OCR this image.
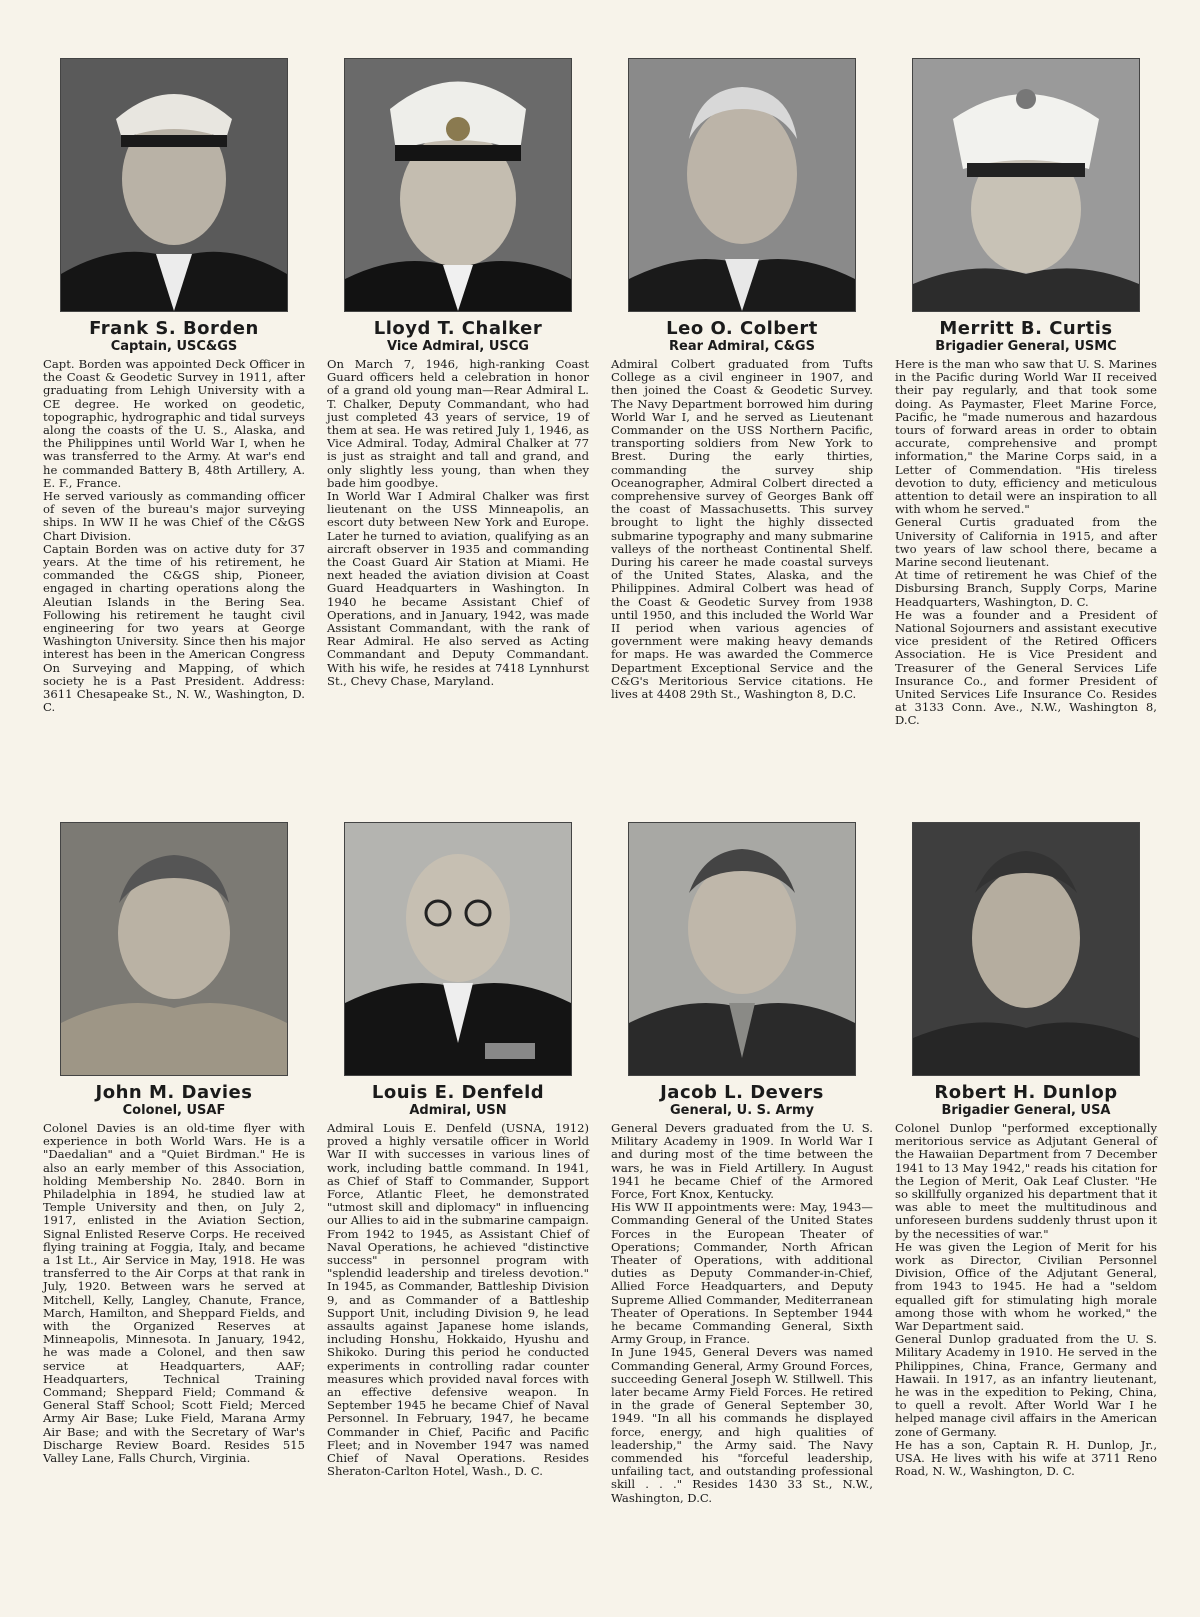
Frank S. Borden
Captain, USC&GS
Capt. Borden was appointed Deck Officer in the Coast & Geodetic Survey in 1911, after graduating from Lehigh University with a CE degree. He worked on geodetic, topographic, hydrographic and tidal surveys along the coasts of the U. S., Alaska, and the Philippines until World War I, when he was transferred to the Army. At war's end he commanded Battery B, 48th Artillery, A. E. F., France.
He served variously as commanding officer of seven of the bureau's major surveying ships. In WW II he was Chief of the C&GS Chart Division.
Captain Borden was on active duty for 37 years. At the time of his retirement, he commanded the C&GS ship, Pioneer, engaged in charting operations along the Aleutian Islands in the Bering Sea. Following his retirement he taught civil engineering for two years at George Washington University. Since then his major interest has been in the American Congress On Surveying and Mapping, of which society he is a Past President. Address: 3611 Chesapeake St., N. W., Washington, D. C.
Lloyd T. Chalker
Vice Admiral, USCG
On March 7, 1946, high-ranking Coast Guard officers held a celebration in honor of a grand old young man—Rear Admiral L. T. Chalker, Deputy Commandant, who had just completed 43 years of service, 19 of them at sea. He was retired July 1, 1946, as Vice Admiral. Today, Admiral Chalker at 77 is just as straight and tall and grand, and only slightly less young, than when they bade him goodbye.
In World War I Admiral Chalker was first lieutenant on the USS Minneapolis, an escort duty between New York and Europe. Later he turned to aviation, qualifying as an aircraft observer in 1935 and commanding the Coast Guard Air Station at Miami. He next headed the aviation division at Coast Guard Headquarters in Washington. In 1940 he became Assistant Chief of Operations, and in January, 1942, was made Assistant Commandant, with the rank of Rear Admiral. He also served as Acting Commandant and Deputy Commandant. With his wife, he resides at 7418 Lynnhurst St., Chevy Chase, Maryland.
Leo O. Colbert
Rear Admiral, C&GS
Admiral Colbert graduated from Tufts College as a civil engineer in 1907, and then joined the Coast & Geodetic Survey. The Navy Department borrowed him during World War I, and he served as Lieutenant Commander on the USS Northern Pacific, transporting soldiers from New York to Brest. During the early thirties, commanding the survey ship Oceanographer, Admiral Colbert directed a comprehensive survey of Georges Bank off the coast of Massachusetts. This survey brought to light the highly dissected submarine typography and many submarine valleys of the northeast Continental Shelf. During his career he made coastal surveys of the United States, Alaska, and the Philippines. Admiral Colbert was head of the Coast & Geodetic Survey from 1938 until 1950, and this included the World War II period when various agencies of government were making heavy demands for maps. He was awarded the Commerce Department Exceptional Service and the C&G's Meritorious Service citations. He lives at 4408 29th St., Washington 8, D.C.
Merritt B. Curtis
Brigadier General, USMC
Here is the man who saw that U. S. Marines in the Pacific during World War II received their pay regularly, and that took some doing. As Paymaster, Fleet Marine Force, Pacific, he "made numerous and hazardous tours of forward areas in order to obtain accurate, comprehensive and prompt information," the Marine Corps said, in a Letter of Commendation. "His tireless devotion to duty, efficiency and meticulous attention to detail were an inspiration to all with whom he served."
General Curtis graduated from the University of California in 1915, and after two years of law school there, became a Marine second lieutenant.
At time of retirement he was Chief of the Disbursing Branch, Supply Corps, Marine Headquarters, Washington, D. C.
He was a founder and a President of National Sojourners and assistant executive vice president of the Retired Officers Association. He is Vice President and Treasurer of the General Services Life Insurance Co., and former President of United Services Life Insurance Co. Resides at 3133 Conn. Ave., N.W., Washington 8, D.C.
John M. Davies
Colonel, USAF
Colonel Davies is an old-time flyer with experience in both World Wars. He is a "Daedalian" and a "Quiet Birdman." He is also an early member of this Association, holding Membership No. 2840. Born in Philadelphia in 1894, he studied law at Temple University and then, on July 2, 1917, enlisted in the Aviation Section, Signal Enlisted Reserve Corps. He received flying training at Foggia, Italy, and became a 1st Lt., Air Service in May, 1918. He was transferred to the Air Corps at that rank in July, 1920. Between wars he served at Mitchell, Kelly, Langley, Chanute, France, March, Hamilton, and Sheppard Fields, and with the Organized Reserves at Minneapolis, Minnesota. In January, 1942, he was made a Colonel, and then saw service at Headquarters, AAF; Headquarters, Technical Training Command; Sheppard Field; Command & General Staff School; Scott Field; Merced Army Air Base; Luke Field, Marana Army Air Base; and with the Secretary of War's Discharge Review Board. Resides 515 Valley Lane, Falls Church, Virginia.
Louis E. Denfeld
Admiral, USN
Admiral Louis E. Denfeld (USNA, 1912) proved a highly versatile officer in World War II with successes in various lines of work, including battle command. In 1941, as Chief of Staff to Commander, Support Force, Atlantic Fleet, he demonstrated "utmost skill and diplomacy" in influencing our Allies to aid in the submarine campaign. From 1942 to 1945, as Assistant Chief of Naval Operations, he achieved "distinctive success" in personnel program with "splendid leadership and tireless devotion." In 1945, as Commander, Battleship Division 9, and as Commander of a Battleship Support Unit, including Division 9, he lead assaults against Japanese home islands, including Honshu, Hokkaido, Hyushu and Shikoko. During this period he conducted experiments in controlling radar counter measures which provided naval forces with an effective defensive weapon. In September 1945 he became Chief of Naval Personnel. In February, 1947, he became Commander in Chief, Pacific and Pacific Fleet; and in November 1947 was named Chief of Naval Operations. Resides Sheraton-Carlton Hotel, Wash., D. C.
Jacob L. Devers
General, U. S. Army
General Devers graduated from the U. S. Military Academy in 1909. In World War I and during most of the time between the wars, he was in Field Artillery. In August 1941 he became Chief of the Armored Force, Fort Knox, Kentucky.
His WW II appointments were: May, 1943—Commanding General of the United States Forces in the European Theater of Operations; Commander, North African Theater of Operations, with additional duties as Deputy Commander-in-Chief, Allied Force Headquarters, and Deputy Supreme Allied Commander, Mediterranean Theater of Operations. In September 1944 he became Commanding General, Sixth Army Group, in France.
In June 1945, General Devers was named Commanding General, Army Ground Forces, succeeding General Joseph W. Stillwell. This later became Army Field Forces. He retired in the grade of General September 30, 1949. "In all his commands he displayed force, energy, and high qualities of leadership," the Army said. The Navy commended his "forceful leadership, unfailing tact, and outstanding professional skill . . ." Resides 1430 33 St., N.W., Washington, D.C.
Robert H. Dunlop
Brigadier General, USA
Colonel Dunlop "performed exceptionally meritorious service as Adjutant General of the Hawaiian Department from 7 December 1941 to 13 May 1942," reads his citation for the Legion of Merit, Oak Leaf Cluster. "He so skillfully organized his department that it was able to meet the multitudinous and unforeseen burdens suddenly thrust upon it by the necessities of war."
He was given the Legion of Merit for his work as Director, Civilian Personnel Division, Office of the Adjutant General, from 1943 to 1945. He had a "seldom equalled gift for stimulating high morale among those with whom he worked," the War Department said.
General Dunlop graduated from the U. S. Military Academy in 1910. He served in the Philippines, China, France, Germany and Hawaii. In 1917, as an infantry lieutenant, he was in the expedition to Peking, China, to quell a revolt. After World War I he helped manage civil affairs in the American zone of Germany.
He has a son, Captain R. H. Dunlop, Jr., USA. He lives with his wife at 3711 Reno Road, N. W., Washington, D. C.
